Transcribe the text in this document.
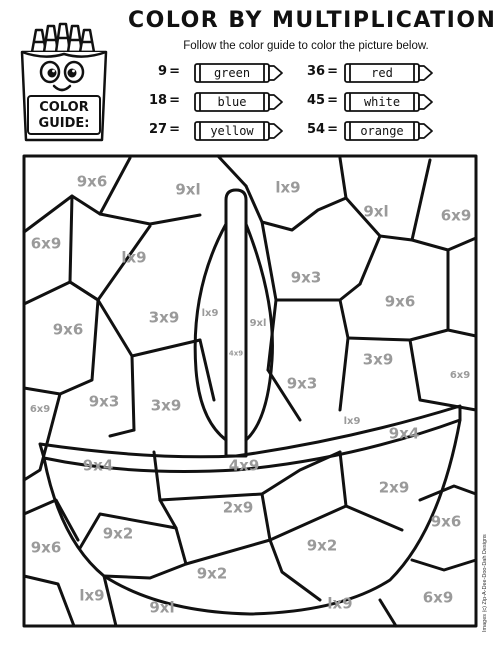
COLOR BY MULTIPLICATION
Follow the color guide to color the picture below.
COLOR
GUIDE:
9 =	green
18 =	blue
27 =	yellow
36 =	red
45 =	white
54 =	orange
9x6	9xl	lx9
9xl	6x9
6x9
lx9
9x3
9x6
3x9 lx9
9xl
9x6
4x9
6x9	9x3 3x9
9x3
3x9
6x9
lx9
9x4
9x4	4x9
2x9
2x9
9x6
9x2
9x2
9x6
9x2
lx9
9xl	lx9	6x9	Images (c) Zip-A-Dee-Doo-Dah Designs
